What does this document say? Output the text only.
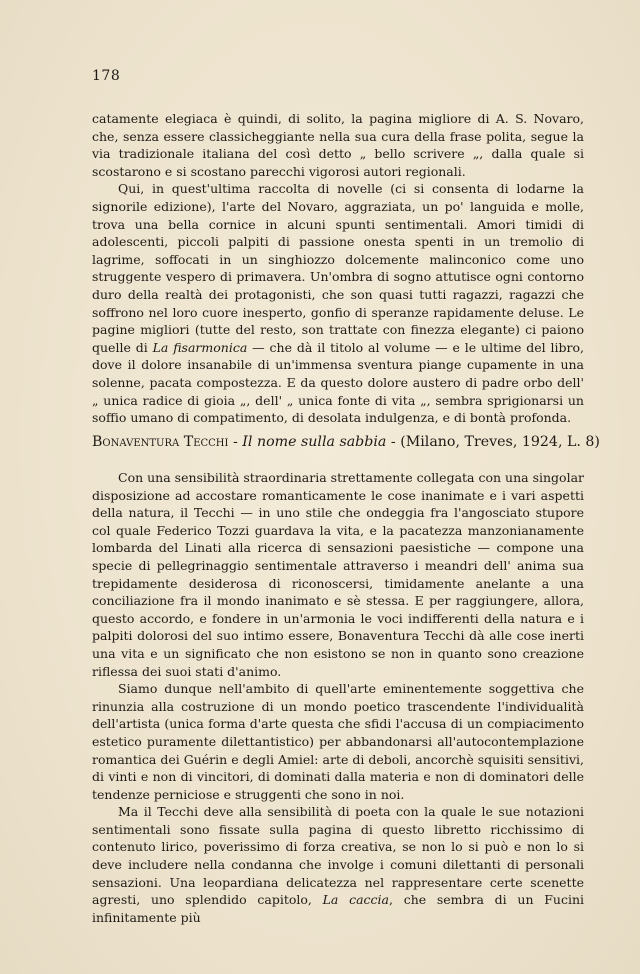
178

catamente elegiaca è quindi, di solito, la pagina migliore di A. S. Novaro, che, senza essere classicheggiante nella sua cura della frase polita, segue la via tradizionale italiana del così detto „ bello scrivere „, dalla quale si scostarono e si scostano parecchi vigorosi autori regionali.

Qui, in quest'ultima raccolta di novelle (ci si consenta di lodarne la signorile edizione), l'arte del Novaro, aggraziata, un po' languida e molle, trova una bella cornice in alcuni spunti sentimentali. Amori timidi di adolescenti, piccoli palpiti di passione onesta spenti in un tremolio di lagrime, soffocati in un singhiozzo dolcemente malinconico come uno struggente vespero di primavera. Un'ombra di sogno attutisce ogni contorno duro della realtà dei protagonisti, che son quasi tutti ragazzi, ragazzi che soffrono nel loro cuore inesperto, gonfio di speranze rapidamente deluse. Le pagine migliori (tutte del resto, son trattate con finezza elegante) ci paiono quelle di La fisarmonica — che dà il titolo al volume — e le ultime del libro, dove il dolore insanabile di un'immensa sventura piange cupamente in una solenne, pacata compostezza. E da questo dolore austero di padre orbo dell' „ unica radice di gioia „, dell' „ unica fonte di vita „, sembra sprigionarsi un soffio umano di compatimento, di desolata indulgenza, e di bontà profonda.

Bonaventura Tecchi - Il nome sulla sabbia - (Milano, Treves, 1924, L. 8)

Con una sensibilità straordinaria strettamente collegata con una singolar disposizione ad accostare romanticamente le cose inanimate e i vari aspetti della natura, il Tecchi — in uno stile che ondeggia fra l'angosciato stupore col quale Federico Tozzi guardava la vita, e la pacatezza manzonianamente lombarda del Linati alla ricerca di sensazioni paesistiche — compone una specie di pellegrinaggio sentimentale attraverso i meandri dell' anima sua trepidamente desiderosa di riconoscersi, timidamente anelante a una conciliazione fra il mondo inanimato e sè stessa. E per raggiungere, allora, questo accordo, e fondere in un'armonia le voci indifferenti della natura e i palpiti dolorosi del suo intimo essere, Bonaventura Tecchi dà alle cose inerti una vita e un significato che non esistono se non in quanto sono creazione riflessa dei suoi stati d'animo.

Siamo dunque nell'ambito di quell'arte eminentemente soggettiva che rinunzia alla costruzione di un mondo poetico trascendente l'individualità dell'artista (unica forma d'arte questa che sfidi l'accusa di un compiacimento estetico puramente dilettantistico) per abbandonarsi all'autocontemplazione romantica dei Guérin e degli Amiel: arte di deboli, ancorchè squisiti sensitivi, di vinti e non di vincitori, di dominati dalla materia e non di dominatori delle tendenze perniciose e struggenti che sono in noi.

Ma il Tecchi deve alla sensibilità di poeta con la quale le sue notazioni sentimentali sono fissate sulla pagina di questo libretto ricchissimo di contenuto lirico, poverissimo di forza creativa, se non lo si può e non lo si deve includere nella condanna che involge i comuni dilettanti di personali sensazioni. Una leopardiana delicatezza nel rappresentare certe scenette agresti, uno splendido capitolo, La caccia, che sembra di un Fucini infinitamente più
